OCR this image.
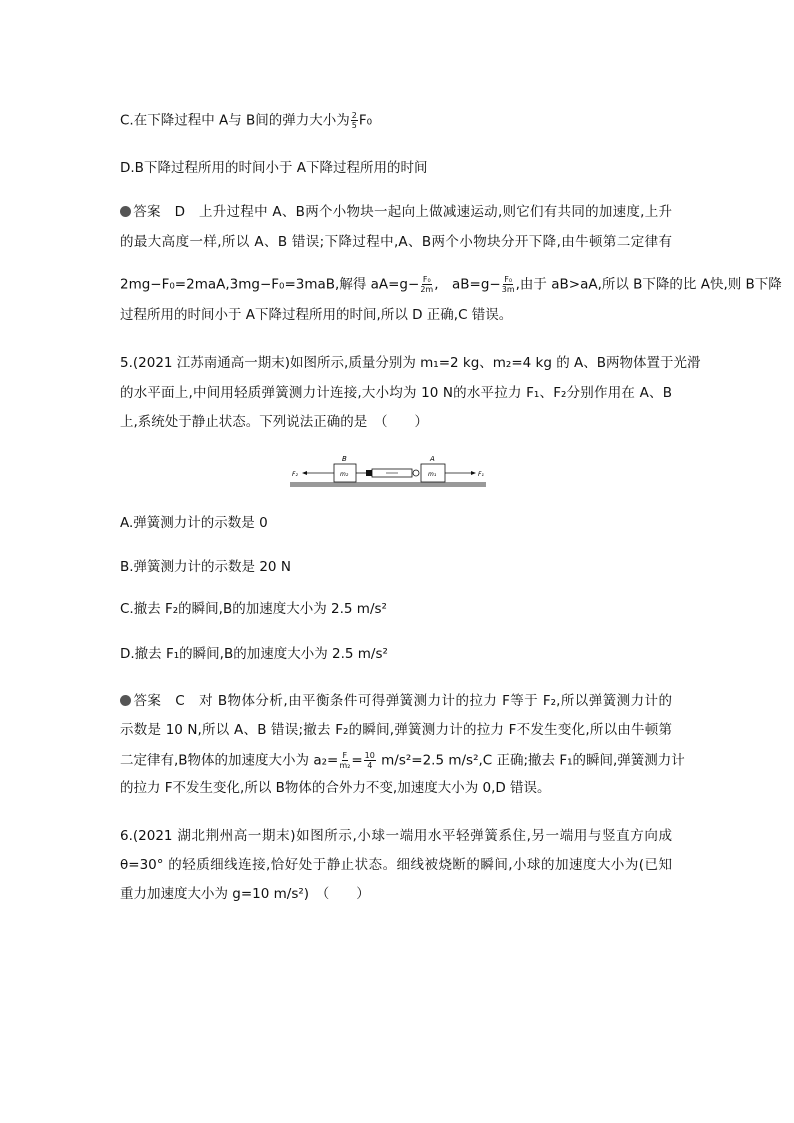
C.在下降过程中 A与 B间的弹力大小为 $\frac{2}{5} F_0$
D.B下降过程所用的时间小于 A下降过程所用的时间
答案　D　上升过程中 A、B两个小物块一起向上做减速运动,则它们有共同的加速度,上升
的最大高度一样,所以 A、B 错误;下降过程中,A、B两个小物块分开下降,由牛顿第二定律有
2mg−F₀=2maA,3mg−F₀=3maB,解得 $aA=g- \frac{\text{F₀}}{2m}$ ,　$aB=g- \frac{\text{F₀}}{3m}$ ,由于 aB>aA,所以 B下降的比 A快,则 B下降
过程所用的时间小于 A下降过程所用的时间,所以 D 正确,C 错误。
5.(2021 江苏南通高一期末)如图所示,质量分别为 m₁=2 kg、m₂=4 kg 的 A、B两物体置于光滑
的水平面上,中间用轻质弹簧测力计连接,大小均为 10 N的水平拉力 F₁、F₂分别作用在 A、B
上,系统处于静止状态。下列说法正确的是　（　　）
A.弹簧测力计的示数是 0
B.弹簧测力计的示数是 20 N
C.撤去 F₂的瞬间,B的加速度大小为 2.5 m/s²
D.撤去 F₁的瞬间,B的加速度大小为 2.5 m/s²
答案　C　对 B物体分析,由平衡条件可得弹簧测力计的拉力 F等于 F₂,所以弹簧测力计的
示数是 10 N,所以 A、B 错误;撤去 F₂的瞬间,弹簧测力计的拉力 F不发生变化,所以由牛顿第
二定律有,B物体的加速度大小为 $a_2= \frac{F}{\text{m₂}} = \frac{10}{4} m/s^2=2.5$ m/s²,C 正确;撤去 F₁的瞬间,弹簧测力计
的拉力 F不发生变化,所以 B物体的合外力不变,加速度大小为 0,D 错误。
6.(2021 湖北荆州高一期末)如图所示,小球一端用水平轻弹簧系住,另一端用与竖直方向成
θ=30° 的轻质细线连接,恰好处于静止状态。细线被烧断的瞬间,小球的加速度大小为(已知
重力加速度大小为 g=10 m/s²)　（　　）
B
m₂
A
m₁
F₂	F₁
